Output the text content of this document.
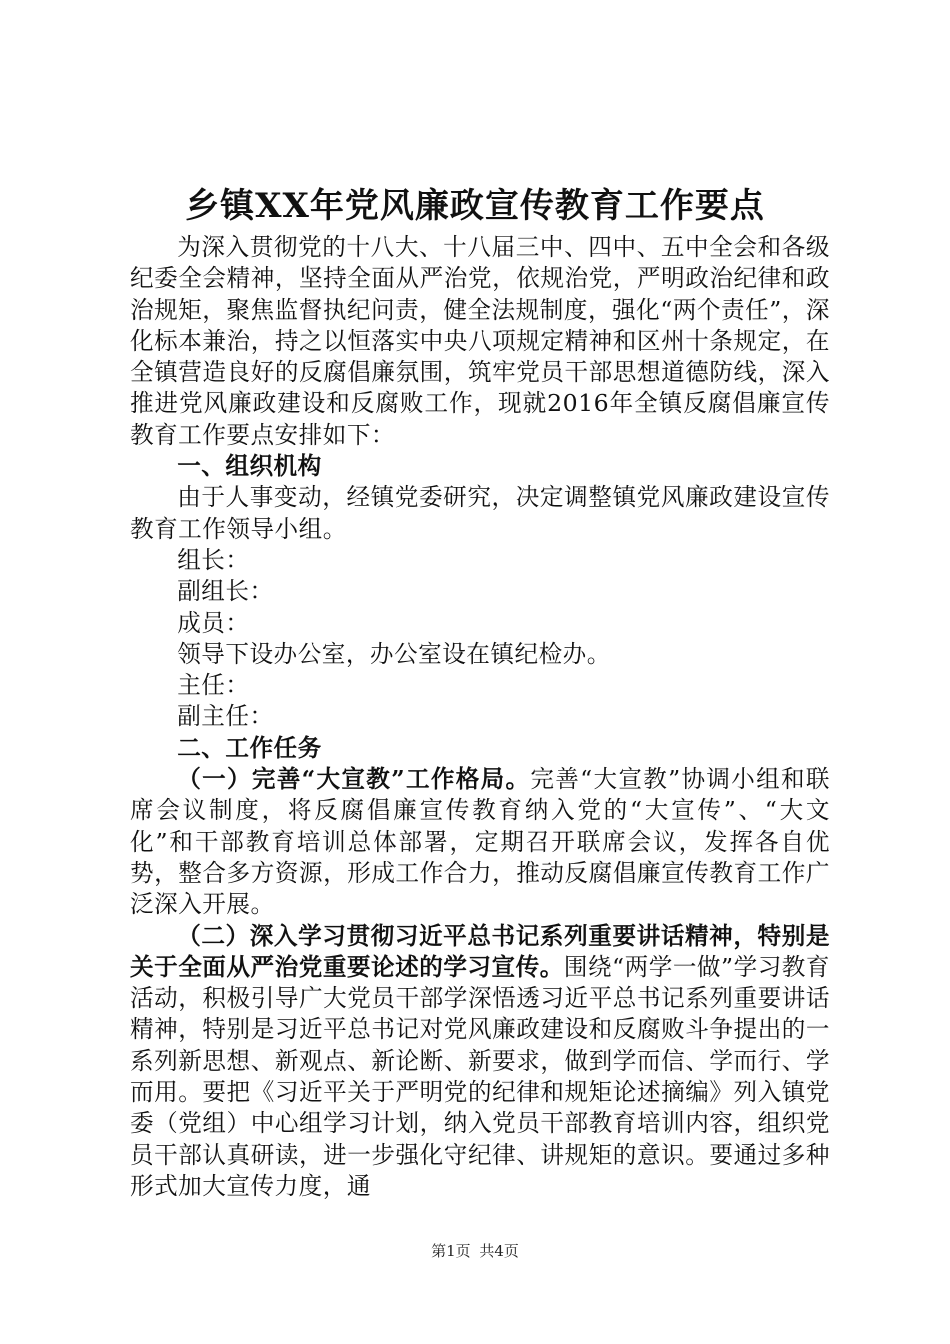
乡镇XX年党风廉政宣传教育工作要点

为深入贯彻党的十八大、十八届三中、四中、五中全会和各级纪委全会精神，坚持全面从严治党，依规治党，严明政治纪律和政治规矩，聚焦监督执纪问责，健全法规制度，强化“两个责任”，深化标本兼治，持之以恒落实中央八项规定精神和区州十条规定，在全镇营造良好的反腐倡廉氛围，筑牢党员干部思想道德防线，深入推进党风廉政建设和反腐败工作，现就2016年全镇反腐倡廉宣传教育工作要点安排如下：

一、组织机构

由于人事变动，经镇党委研究，决定调整镇党风廉政建设宣传教育工作领导小组。

组长：

副组长：

成员：

领导下设办公室，办公室设在镇纪检办。

主任：

副主任：

二、工作任务

（一）完善“大宣教”工作格局。完善“大宣教”协调小组和联席会议制度，将反腐倡廉宣传教育纳入党的“大宣传”、“大文化”和干部教育培训总体部署，定期召开联席会议，发挥各自优势，整合多方资源，形成工作合力，推动反腐倡廉宣传教育工作广泛深入开展。

（二）深入学习贯彻习近平总书记系列重要讲话精神，特别是关于全面从严治党重要论述的学习宣传。围绕“两学一做”学习教育活动，积极引导广大党员干部学深悟透习近平总书记系列重要讲话精神，特别是习近平总书记对党风廉政建设和反腐败斗争提出的一系列新思想、新观点、新论断、新要求，做到学而信、学而行、学而用。要把《习近平关于严明党的纪律和规矩论述摘编》列入镇党委（党组）中心组学习计划，纳入党员干部教育培训内容，组织党员干部认真研读，进一步强化守纪律、讲规矩的意识。要通过多种形式加大宣传力度，通

第1页 共4页
